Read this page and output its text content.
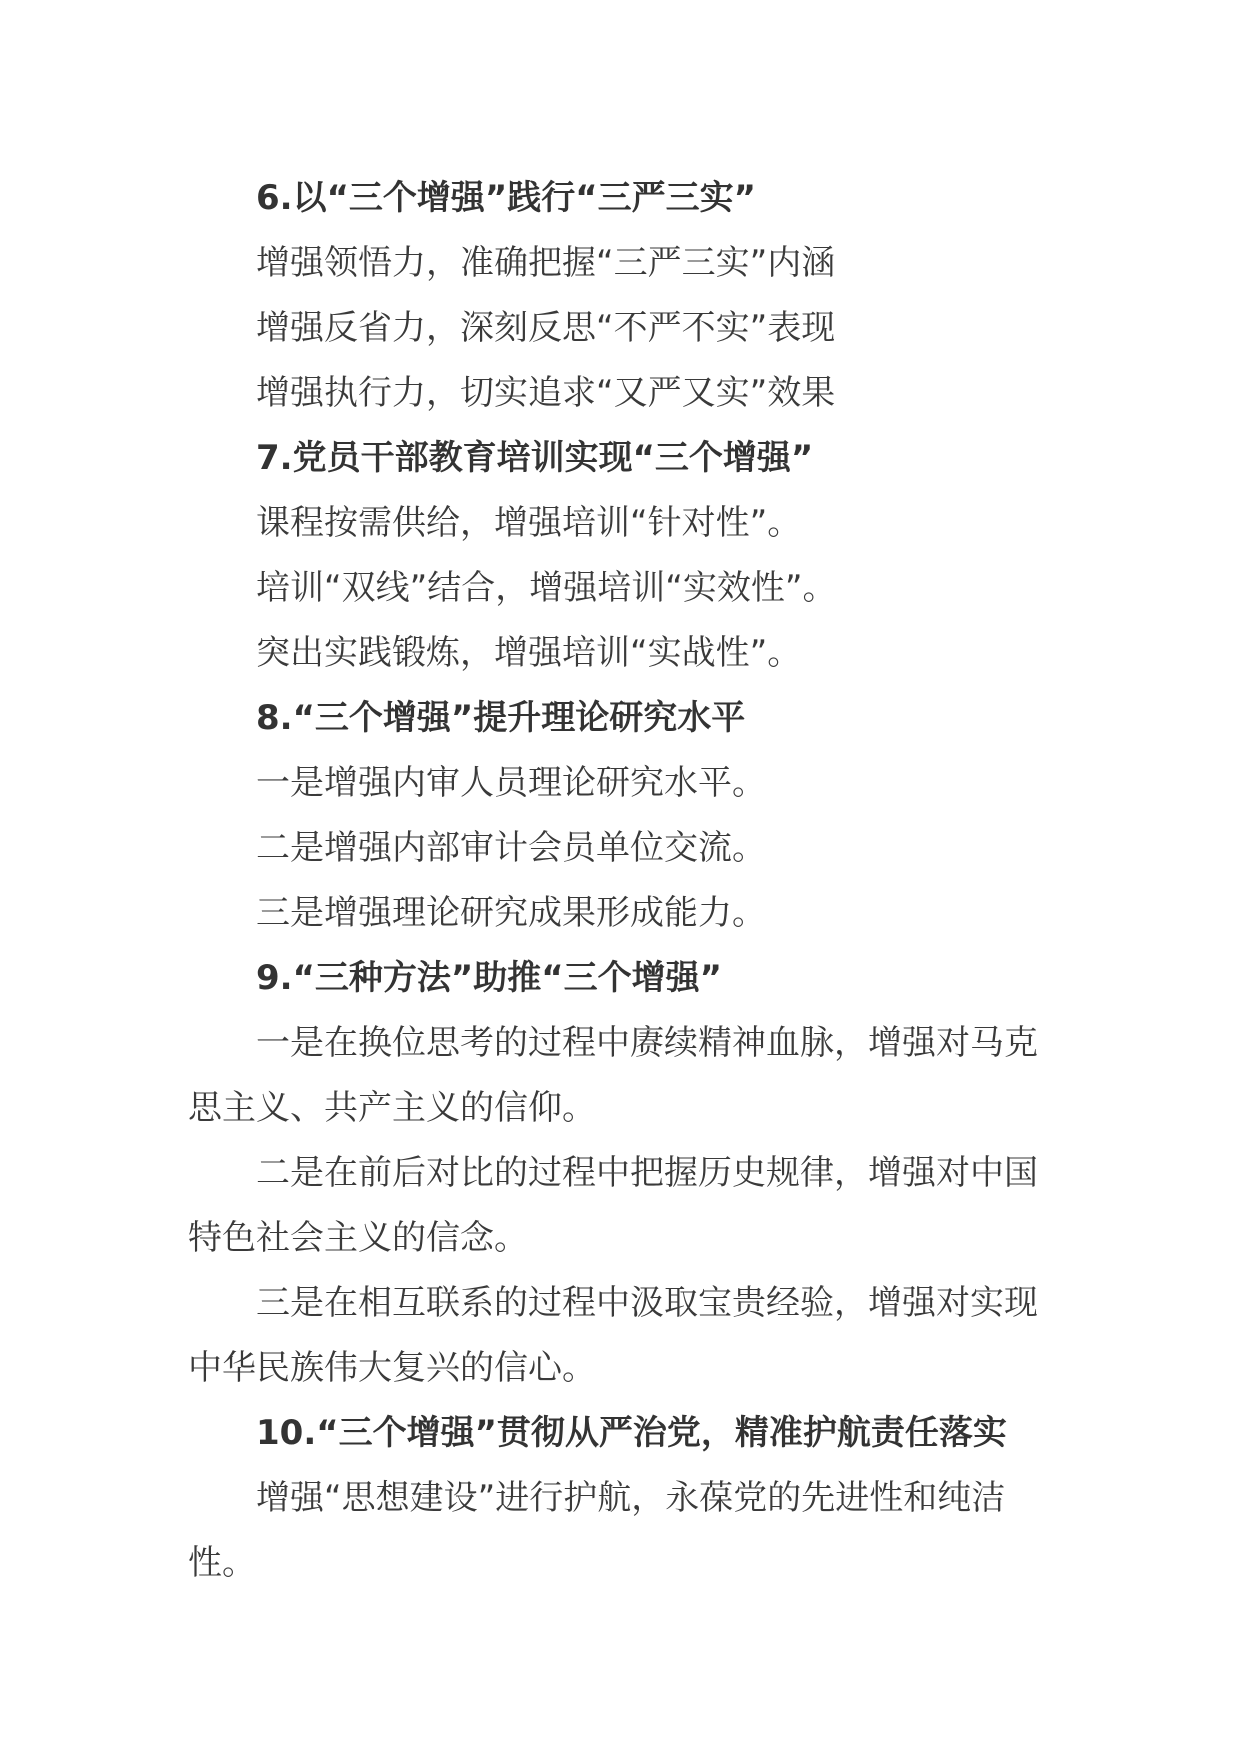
6.以“三个增强”践行“三严三实”
增强领悟力，准确把握“三严三实”内涵
增强反省力，深刻反思“不严不实”表现
增强执行力，切实追求“又严又实”效果
7.党员干部教育培训实现“三个增强”
课程按需供给，增强培训“针对性”。
培训“双线”结合，增强培训“实效性”。
突出实践锻炼，增强培训“实战性”。
8.“三个增强”提升理论研究水平
一是增强内审人员理论研究水平。
二是增强内部审计会员单位交流。
三是增强理论研究成果形成能力。
9.“三种方法”助推“三个增强”
一是在换位思考的过程中赓续精神血脉，增强对马克
思主义、共产主义的信仰。
二是在前后对比的过程中把握历史规律，增强对中国
特色社会主义的信念。
三是在相互联系的过程中汲取宝贵经验，增强对实现
中华民族伟大复兴的信心。
10.“三个增强”贯彻从严治党，精准护航责任落实
增强“思想建设”进行护航，永葆党的先进性和纯洁
性。
